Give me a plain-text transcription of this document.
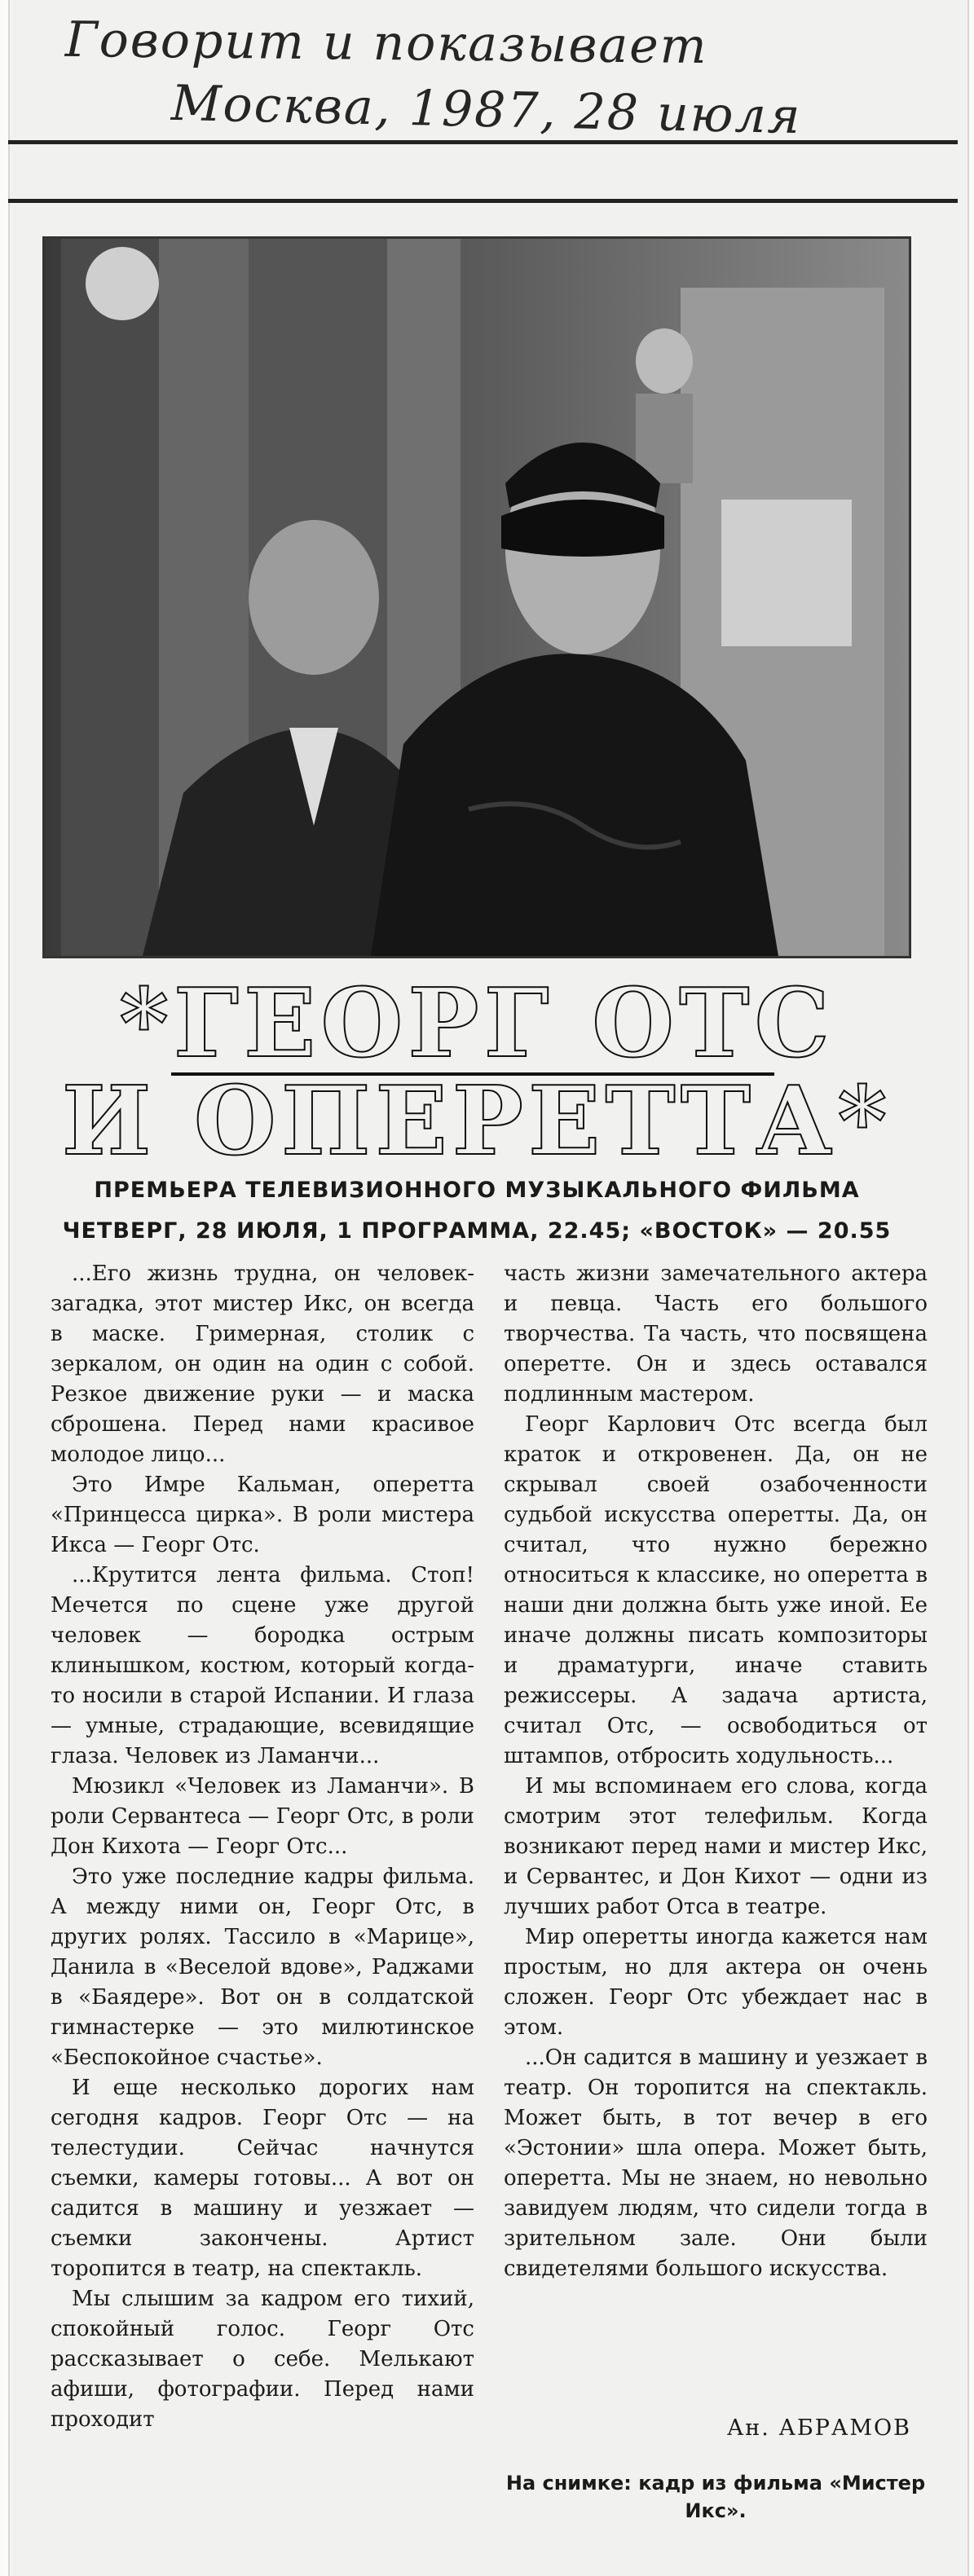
Говорит и показывает
Москва, 1987, 28 июля
*ГЕОРГ ОТС
И ОПЕРЕТТА*
ПРЕМЬЕРА ТЕЛЕВИЗИОННОГО МУЗЫКАЛЬНОГО ФИЛЬМА
ЧЕТВЕРГ, 28 ИЮЛЯ, 1 ПРОГРАММА, 22.45; «ВОСТОК» — 20.55

...Его жизнь трудна, он человек-загадка, этот мистер Икс, он всегда в маске. Гримерная, столик с зеркалом, он один на один с собой. Резкое движение руки — и маска сброшена. Перед нами красивое молодое лицо...

Это Имре Кальман, оперетта «Принцесса цирка». В роли мистера Икса — Георг Отс.

...Крутится лента фильма. Стоп! Мечется по сцене уже другой человек — бородка острым клинышком, костюм, который когда-то носили в старой Испании. И глаза — умные, страдающие, всевидящие глаза. Человек из Ламанчи...

Мюзикл «Человек из Ламанчи». В роли Сервантеса — Георг Отс, в роли Дон Кихота — Георг Отс...

Это уже последние кадры фильма. А между ними он, Георг Отс, в других ролях. Тассило в «Марице», Данила в «Веселой вдове», Раджами в «Баядере». Вот он в солдатской гимнастерке — это милютинское «Беспокойное счастье».

И еще несколько дорогих нам сегодня кадров. Георг Отс — на телестудии. Сейчас начнутся съемки, камеры готовы... А вот он садится в машину и уезжает — съемки закончены. Артист торопится в театр, на спектакль.

Мы слышим за кадром его тихий, спокойный голос. Георг Отс рассказывает о себе. Мелькают афиши, фотографии. Перед нами проходит

часть жизни замечательного актера и певца. Часть его большого творчества. Та часть, что посвящена оперетте. Он и здесь оставался подлинным мастером.

Георг Карлович Отс всегда был краток и откровенен. Да, он не скрывал своей озабоченности судьбой искусства оперетты. Да, он считал, что нужно бережно относиться к классике, но оперетта в наши дни должна быть уже иной. Ее иначе должны писать композиторы и драматурги, иначе ставить режиссеры. А задача артиста, считал Отс, — освободиться от штампов, отбросить ходульность...

И мы вспоминаем его слова, когда смотрим этот телефильм. Когда возникают перед нами и мистер Икс, и Сервантес, и Дон Кихот — одни из лучших работ Отса в театре.

Мир оперетты иногда кажется нам простым, но для актера он очень сложен. Георг Отс убеждает нас в этом.

...Он садится в машину и уезжает в театр. Он торопится на спектакль. Может быть, в тот вечер в его «Эстонии» шла опера. Может быть, оперетта. Мы не знаем, но невольно завидуем людям, что сидели тогда в зрительном зале. Они были свидетелями большого искусства.

Ан. АБРАМОВ
На снимке: кадр из фильма «Мистер Икс».
